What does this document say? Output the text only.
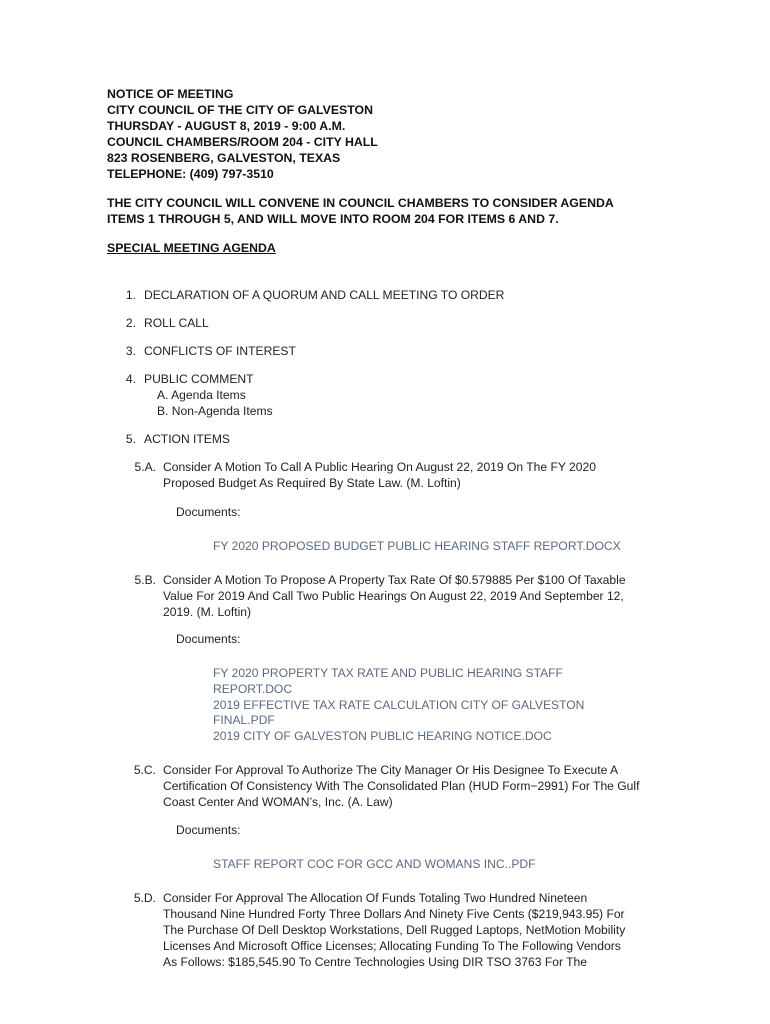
NOTICE OF MEETING
CITY COUNCIL OF THE CITY OF GALVESTON
THURSDAY - AUGUST 8, 2019 - 9:00 A.M.
COUNCIL CHAMBERS/ROOM 204 - CITY HALL
823 ROSENBERG, GALVESTON, TEXAS
TELEPHONE: (409) 797-3510
THE CITY COUNCIL WILL CONVENE IN COUNCIL CHAMBERS TO CONSIDER AGENDA
ITEMS 1 THROUGH 5, AND WILL MOVE INTO ROOM 204 FOR ITEMS 6 AND 7.
SPECIAL MEETING AGENDA
1. DECLARATION OF A QUORUM AND CALL MEETING TO ORDER
2. ROLL CALL
3. CONFLICTS OF INTEREST
4. PUBLIC COMMENT
A. Agenda Items
B. Non-Agenda Items
5. ACTION ITEMS
5.A. Consider A Motion To Call A Public Hearing On August 22, 2019 On The FY 2020
Proposed Budget As Required By State Law. (M. Loftin)
Documents:
FY 2020 PROPOSED BUDGET PUBLIC HEARING STAFF REPORT.DOCX
5.B. Consider A Motion To Propose A Property Tax Rate Of $0.579885 Per $100 Of Taxable
Value For 2019 And Call Two Public Hearings On August 22, 2019 And September 12,
2019. (M. Loftin)
Documents:
FY 2020 PROPERTY TAX RATE AND PUBLIC HEARING STAFF
REPORT.DOC
2019 EFFECTIVE TAX RATE CALCULATION CITY OF GALVESTON
FINAL.PDF
2019 CITY OF GALVESTON PUBLIC HEARING NOTICE.DOC
5.C. Consider For Approval To Authorize The City Manager Or His Designee To Execute A
Certification Of Consistency With The Consolidated Plan (HUD Form−2991) For The Gulf
Coast Center And WOMAN’s, Inc. (A. Law)
Documents:
STAFF REPORT COC FOR GCC AND WOMANS INC..PDF
5.D. Consider For Approval The Allocation Of Funds Totaling Two Hundred Nineteen
Thousand Nine Hundred Forty Three Dollars And Ninety Five Cents ($219,943.95) For
The Purchase Of Dell Desktop Workstations, Dell Rugged Laptops, NetMotion Mobility
Licenses And Microsoft Office Licenses; Allocating Funding To The Following Vendors
As Follows: $185,545.90 To Centre Technologies Using DIR TSO 3763 For The
